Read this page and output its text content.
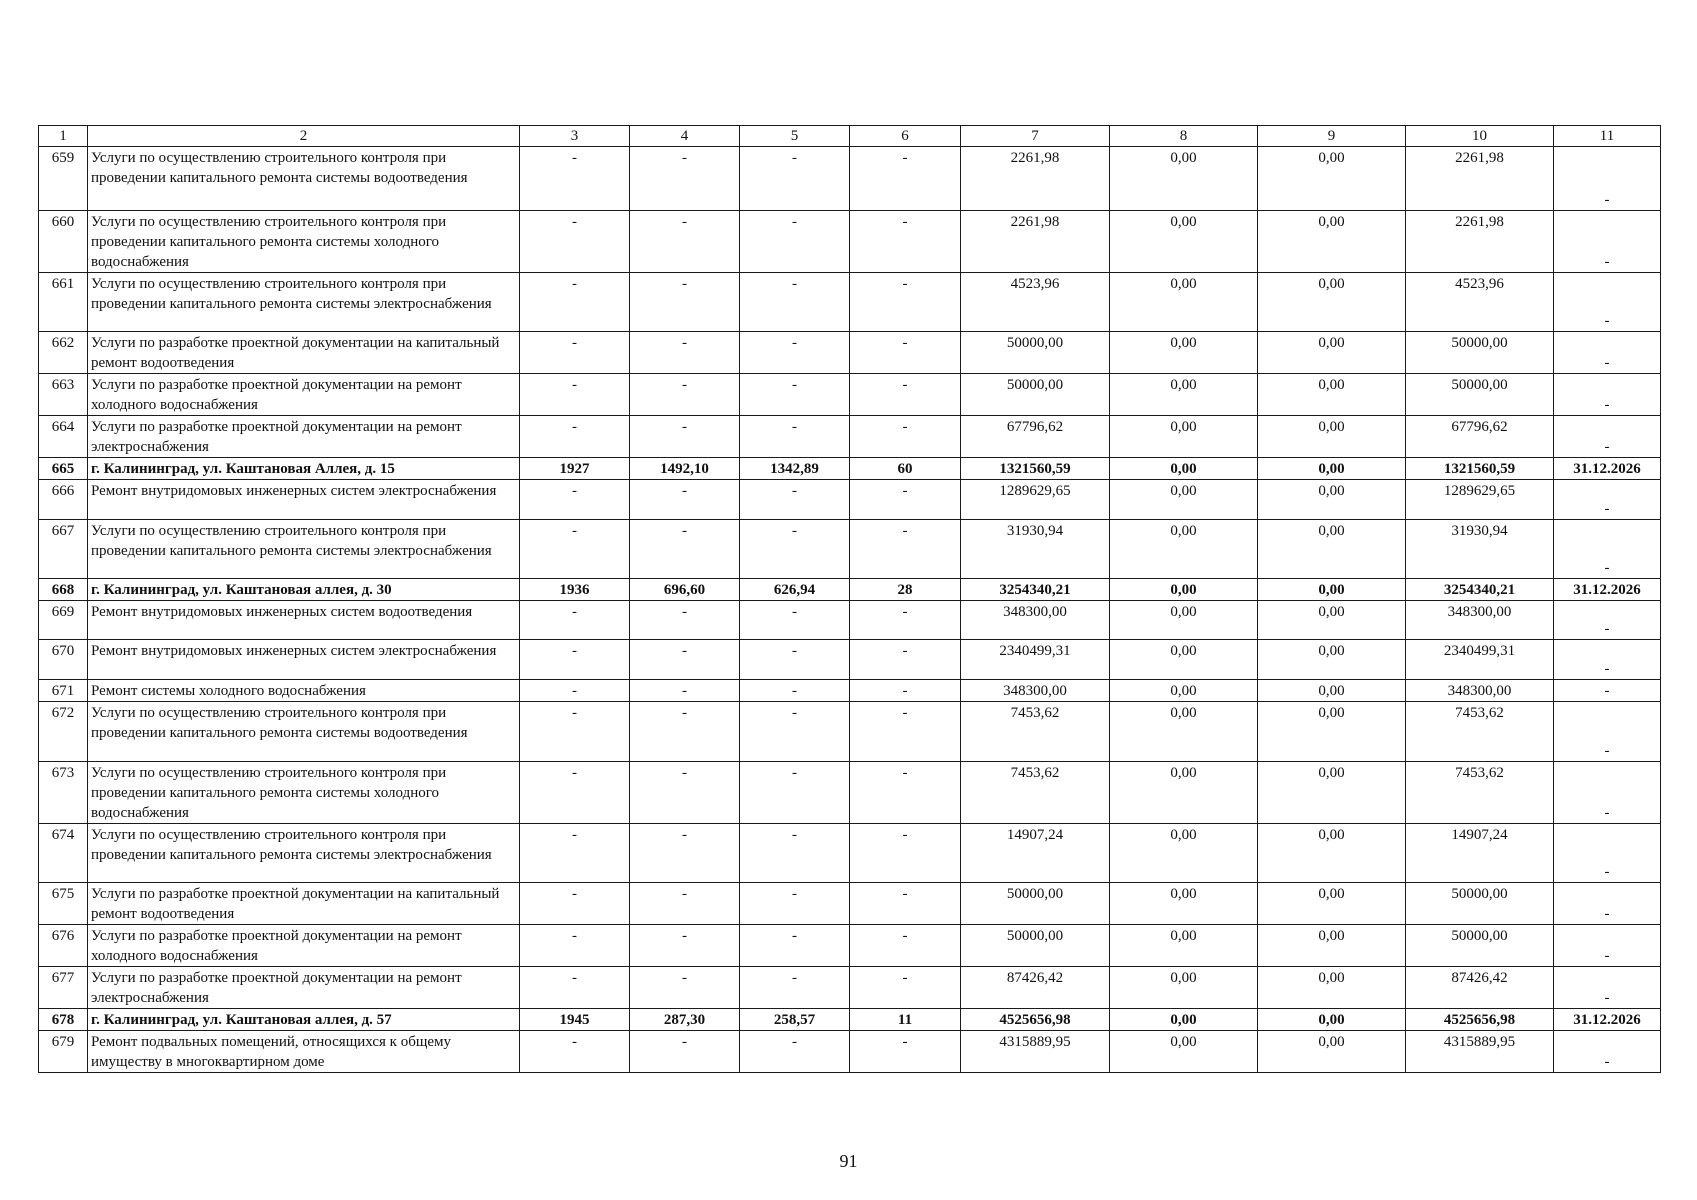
1	2	3	4	5	6	7	8	9	10	11
659	Услуги по осуществлению строительного контроля при проведении капитального ремонта системы водоотведения	-	-	-	-	2261,98	0,00	0,00	2261,98	-
660	Услуги по осуществлению строительного контроля при проведении капитального ремонта системы холодного водоснабжения	-	-	-	-	2261,98	0,00	0,00	2261,98	-
661	Услуги по осуществлению строительного контроля при проведении капитального ремонта системы электроснабжения	-	-	-	-	4523,96	0,00	0,00	4523,96	-
662	Услуги по разработке проектной документации на капитальный ремонт водоотведения	-	-	-	-	50000,00	0,00	0,00	50000,00	-
663	Услуги по разработке проектной документации на ремонт холодного водоснабжения	-	-	-	-	50000,00	0,00	0,00	50000,00	-
664	Услуги по разработке проектной документации на ремонт электроснабжения	-	-	-	-	67796,62	0,00	0,00	67796,62	-
665	г. Калининград, ул. Каштановая Аллея, д. 15	1927	1492,10	1342,89	60	1321560,59	0,00	0,00	1321560,59	31.12.2026
666	Ремонт внутридомовых инженерных систем электроснабжения	-	-	-	-	1289629,65	0,00	0,00	1289629,65	-
667	Услуги по осуществлению строительного контроля при проведении капитального ремонта системы электроснабжения	-	-	-	-	31930,94	0,00	0,00	31930,94	-
668	г. Калининград, ул. Каштановая аллея, д. 30	1936	696,60	626,94	28	3254340,21	0,00	0,00	3254340,21	31.12.2026
669	Ремонт внутридомовых инженерных систем водоотведения	-	-	-	-	348300,00	0,00	0,00	348300,00	-
670	Ремонт внутридомовых инженерных систем электроснабжения	-	-	-	-	2340499,31	0,00	0,00	2340499,31	-
671	Ремонт системы холодного водоснабжения	-	-	-	-	348300,00	0,00	0,00	348300,00	-
672	Услуги по осуществлению строительного контроля при проведении капитального ремонта системы водоотведения	-	-	-	-	7453,62	0,00	0,00	7453,62	-
673	Услуги по осуществлению строительного контроля при проведении капитального ремонта системы холодного водоснабжения	-	-	-	-	7453,62	0,00	0,00	7453,62	-
674	Услуги по осуществлению строительного контроля при проведении капитального ремонта системы электроснабжения	-	-	-	-	14907,24	0,00	0,00	14907,24	-
675	Услуги по разработке проектной документации на капитальный ремонт водоотведения	-	-	-	-	50000,00	0,00	0,00	50000,00	-
676	Услуги по разработке проектной документации на ремонт холодного водоснабжения	-	-	-	-	50000,00	0,00	0,00	50000,00	-
677	Услуги по разработке проектной документации на ремонт электроснабжения	-	-	-	-	87426,42	0,00	0,00	87426,42	-
678	г. Калининград, ул. Каштановая аллея, д. 57	1945	287,30	258,57	11	4525656,98	0,00	0,00	4525656,98	31.12.2026
679	Ремонт подвальных помещений, относящихся к общему имуществу в многоквартирном доме	-	-	-	-	4315889,95	0,00	0,00	4315889,95	-
91
